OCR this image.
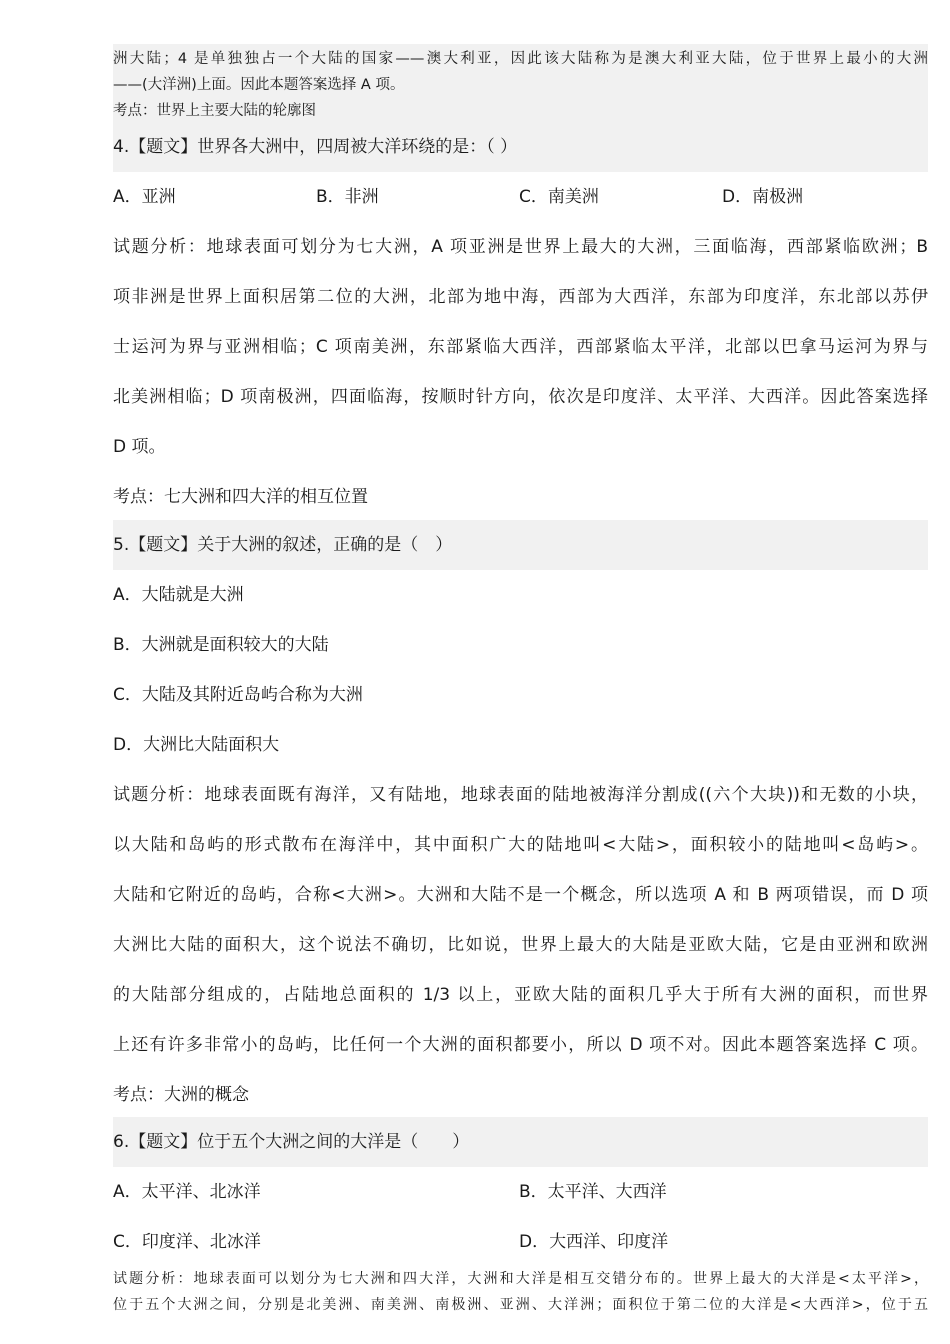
洲大陆；4 是单独独占一个大陆的国家——澳大利亚，因此该大陆称为是澳大利亚大陆，位于世界上最小的大洲
——(大洋洲)上面。因此本题答案选择 A 项。
考点：世界上主要大陆的轮廓图
4.【题文】世界各大洲中，四周被大洋环绕的是：（ ）
A．亚洲	B．非洲	C．南美洲	D．南极洲
试题分析：地球表面可划分为七大洲，A 项亚洲是世界上最大的大洲，三面临海，西部紧临欧洲；B
项非洲是世界上面积居第二位的大洲，北部为地中海，西部为大西洋，东部为印度洋，东北部以苏伊
士运河为界与亚洲相临；C 项南美洲，东部紧临大西洋，西部紧临太平洋，北部以巴拿马运河为界与
北美洲相临；D 项南极洲，四面临海，按顺时针方向，依次是印度洋、太平洋、大西洋。因此答案选择
D 项。
考点：七大洲和四大洋的相互位置
5.【题文】关于大洲的叙述，正确的是（　）
A．大陆就是大洲
B．大洲就是面积较大的大陆
C．大陆及其附近岛屿合称为大洲
D．大洲比大陆面积大
试题分析：地球表面既有海洋，又有陆地，地球表面的陆地被海洋分割成((六个大块))和无数的小块，
以大陆和岛屿的形式散布在海洋中，其中面积广大的陆地叫<大陆>，面积较小的陆地叫<岛屿>。
大陆和它附近的岛屿，合称<大洲>。大洲和大陆不是一个概念，所以选项 A 和 B 两项错误，而 D 项
大洲比大陆的面积大，这个说法不确切，比如说，世界上最大的大陆是亚欧大陆，它是由亚洲和欧洲
的大陆部分组成的，占陆地总面积的 1/3 以上，亚欧大陆的面积几乎大于所有大洲的面积，而世界
上还有许多非常小的岛屿，比任何一个大洲的面积都要小，所以 D 项不对。因此本题答案选择 C 项。
考点：大洲的概念
6.【题文】位于五个大洲之间的大洋是（　　）
A．太平洋、北冰洋	B．太平洋、大西洋
C．印度洋、北冰洋	D．大西洋、印度洋
试题分析：地球表面可以划分为七大洲和四大洋，大洲和大洋是相互交错分布的。世界上最大的大洋是<太平洋>，
位于五个大洲之间，分别是北美洲、南美洲、南极洲、亚洲、大洋洲；面积位于第二位的大洋是<大西洋>，位于五
